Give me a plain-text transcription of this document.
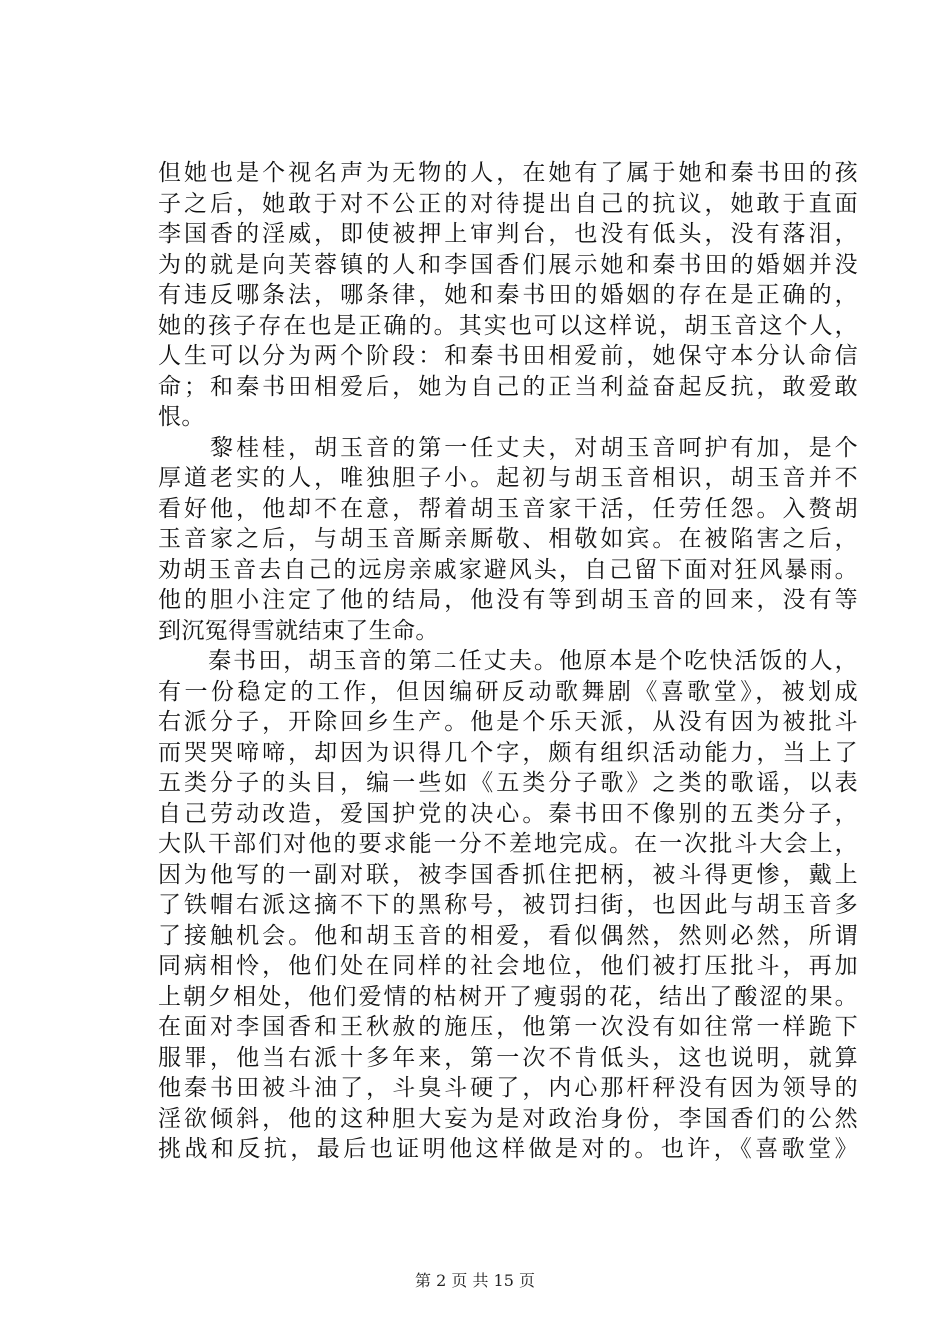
但她也是个视名声为无物的人，在她有了属于她和秦书田的孩
子之后，她敢于对不公正的对待提出自己的抗议，她敢于直面
李国香的淫威，即使被押上审判台，也没有低头，没有落泪，
为的就是向芙蓉镇的人和李国香们展示她和秦书田的婚姻并没
有违反哪条法，哪条律，她和秦书田的婚姻的存在是正确的，
她的孩子存在也是正确的。其实也可以这样说，胡玉音这个人，
人生可以分为两个阶段：和秦书田相爱前，她保守本分认命信
命；和秦书田相爱后，她为自己的正当利益奋起反抗，敢爱敢
恨。
　　黎桂桂，胡玉音的第一任丈夫，对胡玉音呵护有加，是个
厚道老实的人，唯独胆子小。起初与胡玉音相识，胡玉音并不
看好他，他却不在意，帮着胡玉音家干活，任劳任怨。入赘胡
玉音家之后，与胡玉音厮亲厮敬、相敬如宾。在被陷害之后，
劝胡玉音去自己的远房亲戚家避风头，自己留下面对狂风暴雨。
他的胆小注定了他的结局，他没有等到胡玉音的回来，没有等
到沉冤得雪就结束了生命。
　　秦书田，胡玉音的第二任丈夫。他原本是个吃快活饭的人，
有一份稳定的工作，但因编研反动歌舞剧《喜歌堂》，被划成
右派分子，开除回乡生产。他是个乐天派，从没有因为被批斗
而哭哭啼啼，却因为识得几个字，颇有组织活动能力，当上了
五类分子的头目，编一些如《五类分子歌》之类的歌谣，以表
自己劳动改造，爱国护党的决心。秦书田不像别的五类分子，
大队干部们对他的要求能一分不差地完成。在一次批斗大会上，
因为他写的一副对联，被李国香抓住把柄，被斗得更惨，戴上
了铁帽右派这摘不下的黑称号，被罚扫街，也因此与胡玉音多
了接触机会。他和胡玉音的相爱，看似偶然，然则必然，所谓
同病相怜，他们处在同样的社会地位，他们被打压批斗，再加
上朝夕相处，他们爱情的枯树开了瘦弱的花，结出了酸涩的果。
在面对李国香和王秋赦的施压，他第一次没有如往常一样跪下
服罪，他当右派十多年来，第一次不肯低头，这也说明，就算
他秦书田被斗油了，斗臭斗硬了，内心那杆秤没有因为领导的
淫欲倾斜，他的这种胆大妄为是对政治身份，李国香们的公然
挑战和反抗，最后也证明他这样做是对的。也许，《喜歌堂》
第 2 页 共 15 页
